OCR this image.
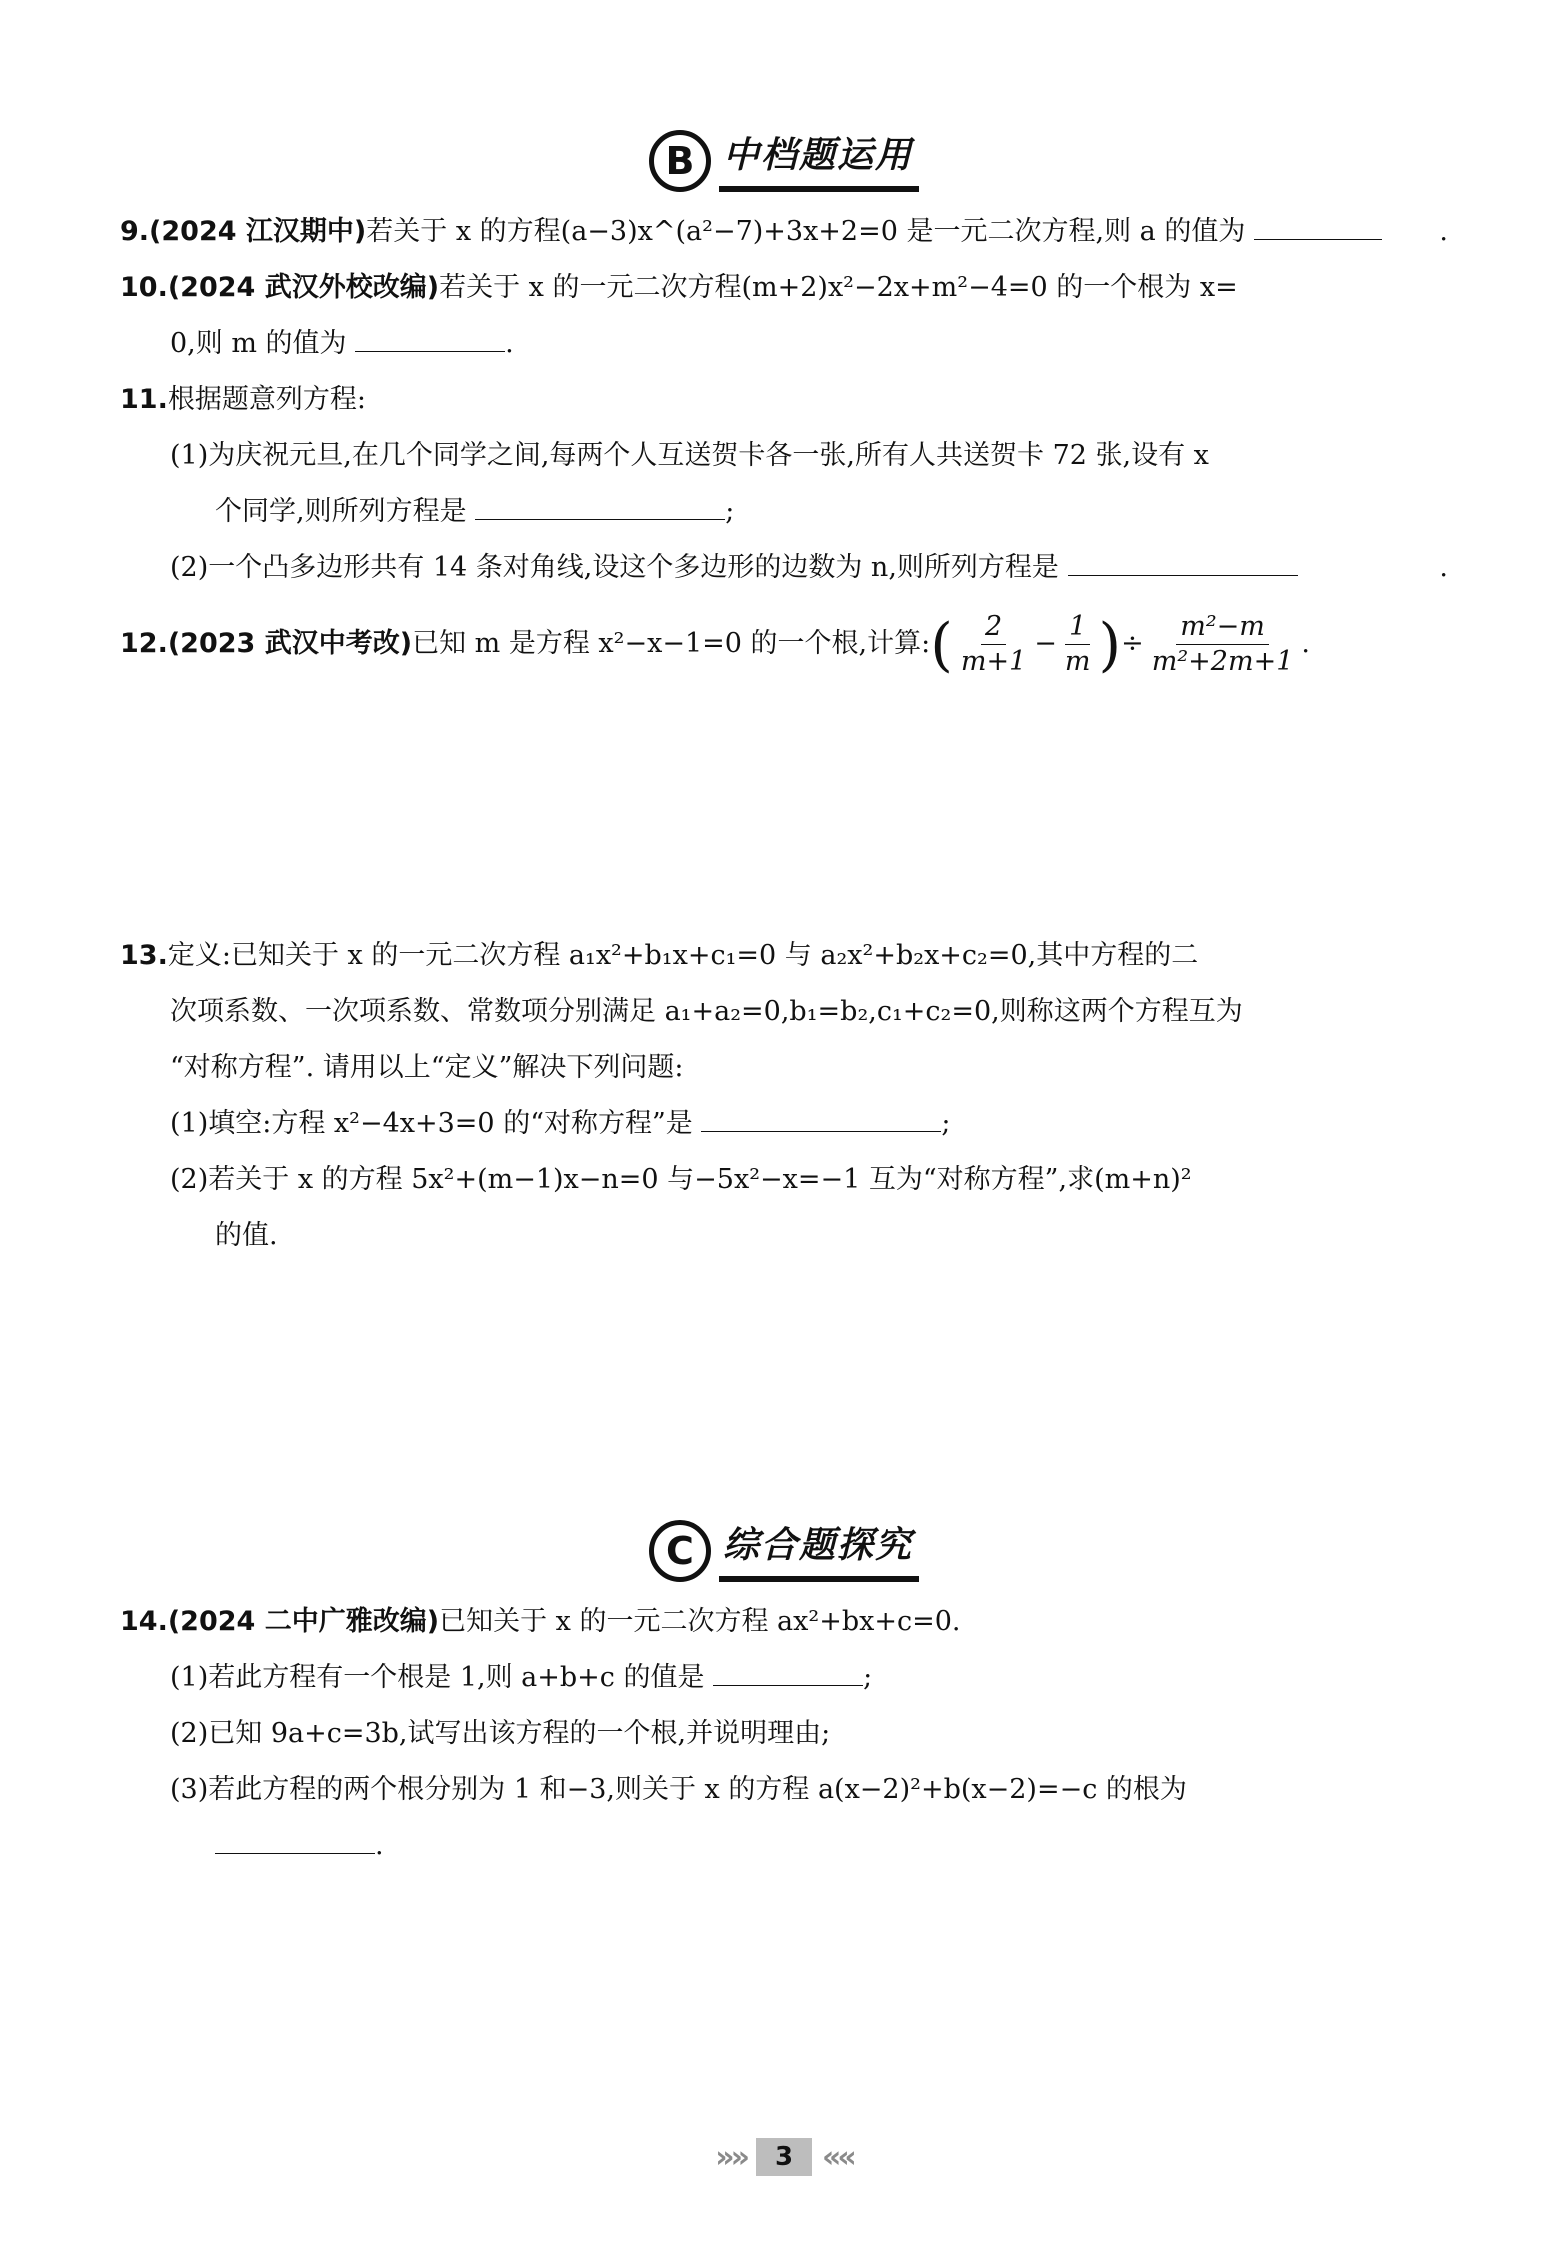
B 中档题运用
9.(2024 江汉期中)若关于 x 的方程(a−3)x^(a²−7)+3x+2=0 是一元二次方程,则 a 的值为	.
10.(2024 武汉外校改编)若关于 x 的一元二次方程(m+2)x²−2x+m²−4=0 的一个根为 x=
0,则 m 的值为	.
11.根据题意列方程:
(1)为庆祝元旦,在几个同学之间,每两个人互送贺卡各一张,所有人共送贺卡 72 张,设有 x
个同学,则所列方程是	;
(2)一个凸多边形共有 14 条对角线,设这个多边形的边数为 n,则所列方程是	.
12.(2023 武汉中考改)已知 m 是方程 x²−x−1=0 的一个根,计算:( $\frac{2}{m+1} - \frac{1}{m}$ )÷ $\frac{\text{m²−m}}{\text{m²+2m+1}}$ .
13.定义:已知关于 x 的一元二次方程 a₁x²+b₁x+c₁=0 与 a₂x²+b₂x+c₂=0,其中方程的二
次项系数、一次项系数、常数项分别满足 a₁+a₂=0,b₁=b₂,c₁+c₂=0,则称这两个方程互为
“对称方程”. 请用以上“定义”解决下列问题:
(1)填空:方程 x²−4x+3=0 的“对称方程”是	;
(2)若关于 x 的方程 5x²+(m−1)x−n=0 与−5x²−x=−1 互为“对称方程”,求(m+n)²
的值.
C 综合题探究
14.(2024 二中广雅改编)已知关于 x 的一元二次方程 ax²+bx+c=0.
(1)若此方程有一个根是 1,则 a+b+c 的值是	;
(2)已知 9a+c=3b,试写出该方程的一个根,并说明理由;
(3)若此方程的两个根分别为 1 和−3,则关于 x 的方程 a(x−2)²+b(x−2)=−c 的根为
.
»»	3 ««
